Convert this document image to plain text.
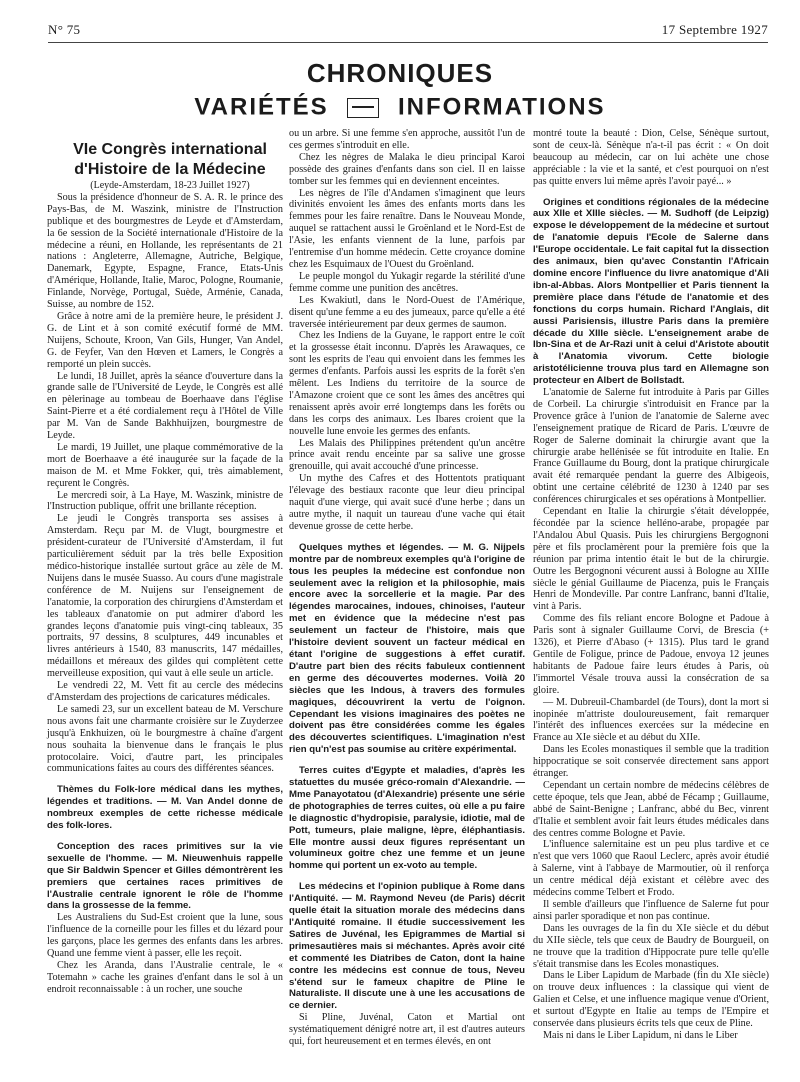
N° 75	17 Septembre 1927
CHRONIQUES
VARIÉTÉS	INFORMATIONS

VIe Congrès international

d'Histoire de la Médecine

(Leyde-Amsterdam, 18-23 Juillet 1927)

Sous la présidence d'honneur de S. A. R. le prince des Pays-Bas, de M. Waszink, ministre de l'Instruction publique et des bourgmestres de Leyde et d'Amsterdam, la 6e session de la Société internationale d'Histoire de la médecine a réuni, en Hollande, les représentants de 21 nations : Angleterre, Allemagne, Autriche, Belgique, Danemark, Egypte, Espagne, France, Etats-Unis d'Amérique, Hollande, Italie, Maroc, Pologne, Roumanie, Finlande, Norvège, Portugal, Suède, Arménie, Canada, Suisse, au nombre de 152.

Grâce à notre ami de la première heure, le président J. G. de Lint et à son comité exécutif formé de MM. Nuijens, Schoute, Kroon, Van Gils, Hunger, Van Andel, G. de Feyfer, Van den Hœven et Lamers, le Congrès a remporté un plein succès.

Le lundi, 18 Juillet, après la séance d'ouverture dans la grande salle de l'Université de Leyde, le Congrès est allé en pèlerinage au tombeau de Boerhaave dans l'église Saint-Pierre et a été cordialement reçu à l'Hôtel de Ville par M. Van de Sande Bakhhuijzen, bourgmestre de Leyde.

Le mardi, 19 Juillet, une plaque commémorative de la mort de Boerhaave a été inaugurée sur la façade de la maison de M. et Mme Fokker, qui, très aimablement, reçurent le Congrès.

Le mercredi soir, à La Haye, M. Waszink, ministre de l'Instruction publique, offrit une brillante réception.

Le jeudi le Congrès transporta ses assises à Amsterdam. Reçu par M. de Vlugt, bourgmestre et président-curateur de l'Université d'Amsterdam, il fut particulièrement séduit par la très belle Exposition médico-historique installée surtout grâce au zèle de M. Nuijens dans le musée Suasso. Au cours d'une magistrale conférence de M. Nuijens sur l'enseignement de l'anatomie, la corporation des chirurgiens d'Amsterdam et les tableaux d'anatomie on put admirer d'abord les grandes leçons d'anatomie puis vingt-cinq tableaux, 35 portraits, 97 dessins, 8 sculptures, 449 incunables et livres antérieurs à 1540, 83 manuscrits, 147 médailles, médaillons et méreaux des gildes qui complètent cette merveilleuse exposition, qui vaut à elle seule un article.

Le vendredi 22, M. Vett fit au cercle des médecins d'Amsterdam des projections de caricatures médicales.

Le samedi 23, sur un excellent bateau de M. Verschure nous avons fait une charmante croisière sur le Zuyderzee jusqu'à Enkhuizen, où le bourgmestre à chaîne d'argent nous souhaita la bienvenue dans le français le plus protocolaire. Voici, d'autre part, les principales communications faites au cours des différentes séances.

Thèmes du Folk-lore médical dans les mythes, légendes et traditions. — M. Van Andel donne de nombreux exemples de cette richesse médicale des folk-lores.

Conception des races primitives sur la vie sexuelle de l'homme. — M. Nieuwenhuis rappelle que Sir Baldwin Spencer et Gilles démontrèrent les premiers que certaines races primitives de l'Australie centrale ignorent le rôle de l'homme dans la grossesse de la femme.

Les Australiens du Sud-Est croient que la lune, sous l'influence de la corneille pour les filles et du lézard pour les garçons, place les germes des enfants dans les arbres. Quand une femme vient à passer, elle les reçoit.

Chez les Aranda, dans l'Australie centrale, le « Totemahn » cache les graines d'enfant dans le sol à un endroit reconnaissable : à un rocher, une souche

ou un arbre. Si une femme s'en approche, aussitôt l'un de ces germes s'introduit en elle.

Chez les nègres de Malaka le dieu principal Karoi possède des graines d'enfants dans son ciel. Il en laisse tomber sur les femmes qui en deviennent enceintes.

Les nègres de l'île d'Andamen s'imaginent que leurs divinités envoient les âmes des enfants morts dans les femmes pour les faire renaître. Dans le Nouveau Monde, auquel se rattachent aussi le Groënland et le Nord-Est de l'Asie, les enfants viennent de la lune, parfois par l'entremise d'un homme médecin. Cette croyance domine chez les Esquimaux de l'Ouest du Groënland.

Le peuple mongol du Yukagir regarde la stérilité d'une femme comme une punition des ancêtres.

Les Kwakiutl, dans le Nord-Ouest de l'Amérique, disent qu'une femme a eu des jumeaux, parce qu'elle a été traversée intérieurement par deux germes de saumon.

Chez les Indiens de la Guyane, le rapport entre le coït et la grossesse était inconnu. D'après les Arawaques, ce sont les esprits de l'eau qui envoient dans les femmes les germes d'enfants. Parfois aussi les esprits de la forêt s'en mêlent. Les Indiens du territoire de la source de l'Amazone croient que ce sont les âmes des ancêtres qui renaissent après avoir erré longtemps dans les forêts ou dans les corps des animaux. Les Ibares croient que la nouvelle lune envoie les germes des enfants.

Les Malais des Philippines prétendent qu'un ancêtre prince avait rendu enceinte par sa salive une grosse grenouille, qui avait accouché d'une princesse.

Un mythe des Cafres et des Hottentots pratiquant l'élevage des bestiaux raconte que leur dieu principal naquit d'une vierge, qui avait sucé d'une herbe ; dans un autre mythe, il naquit un taureau d'une vache qui était devenue grosse de cette herbe.

Quelques mythes et légendes. — M. G. Nijpels montre par de nombreux exemples qu'à l'origine de tous les peuples la médecine est confondue non seulement avec la religion et la philosophie, mais encore avec la sorcellerie et la magie. Par des légendes marocaines, indoues, chinoises, l'auteur met en évidence que la médecine n'est pas seulement un facteur de l'histoire, mais que l'histoire devient souvent un facteur médical en étant l'origine de suggestions à effet curatif. D'autre part bien des récits fabuleux contiennent en germe des découvertes modernes. Voilà 20 siècles que les Indous, à travers des formules magiques, découvrirent la vertu de l'oignon. Cependant les visions imaginaires des poètes ne doivent pas être considérées comme les égales des découvertes scientifiques. L'imagination n'est rien qu'n'est pas soumise au critère expérimental.

Terres cuites d'Egypte et maladies, d'après les statuettes du musée gréco-romain d'Alexandrie. — Mme Panayotatou (d'Alexandrie) présente une série de photographies de terres cuites, où elle a pu faire le diagnostic d'hydropisie, paralysie, idiotie, mal de Pott, tumeurs, plaie maligne, lèpre, éléphantiasis. Elle montre aussi deux figures représentant un volumineux goitre chez une femme et un jeune homme qui portent un ex-voto au temple.

Les médecins et l'opinion publique à Rome dans l'Antiquité. — M. Raymond Neveu (de Paris) décrit quelle était la situation morale des médecins dans l'Antiquité romaine. Il étudie successivement les Satires de Juvénal, les Epigrammes de Martial si primesautières mais si méchantes. Après avoir cité et commenté les Diatribes de Caton, dont la haine contre les médecins est connue de tous, Neveu s'étend sur le fameux chapitre de Pline le Naturaliste. Il discute une à une les accusations de ce dernier.

Si Pline, Juvénal, Caton et Martial ont systématiquement dénigré notre art, il est d'autres auteurs qui, fort heureusement et en termes élevés, en ont

montré toute la beauté : Dion, Celse, Sénèque surtout, sont de ceux-là. Sénèque n'a-t-il pas écrit : « On doit beaucoup au médecin, car on lui achète une chose appréciable : la vie et la santé, et c'est pourquoi on n'est pas quitte envers lui même après l'avoir payé... »

Origines et conditions régionales de la médecine aux XIIe et XIIIe siècles. — M. Sudhoff (de Leipzig) expose le développement de la médecine et surtout de l'anatomie depuis l'Ecole de Salerne dans l'Europe occidentale. Le fait capital fut la dissection des animaux, bien qu'avec Constantin l'Africain domine encore l'influence du livre anatomique d'Ali ibn-al-Abbas. Alors Montpellier et Paris tiennent la première place dans l'étude de l'anatomie et des fonctions du corps humain. Richard l'Anglais, dit aussi Parisiensis, illustre Paris dans la première décade du XIIIe siècle. L'enseignement arabe de Ibn-Sina et de Ar-Razi unit à celui d'Aristote aboutit à l'Anatomia vivorum. Cette biologie aristotélicienne trouva plus tard en Allemagne son protecteur en Albert de Bollstadt.

L'anatomie de Salerne fut introduite à Paris par Gilles de Corbeil. La chirurgie s'introduisit en France par la Provence grâce à l'union de l'anatomie de Salerne avec l'enseignement pratique de Ricard de Paris. L'œuvre de Roger de Salerne dominait la chirurgie avant que la chirurgie arabe hellénisée se fût introduite en Italie. En France Guillaume du Bourg, dont la pratique chirurgicale avait été remarquée pendant la guerre des Albigeois, obtint une certaine célébrité de 1230 à 1240 par ses conférences chirurgicales et ses opérations à Montpellier.

Cependant en Italie la chirurgie s'était développée, fécondée par la science helléno-arabe, propagée par l'Andalou Abul Quasis. Puis les chirurgiens Bergognoni père et fils proclamèrent pour la première fois que la réunion par prima intentio était le but de la chirurgie. Outre les Bergognoni vécurent aussi à Bologne au XIIIe siècle le génial Guillaume de Piacenza, puis le Français Henri de Mondeville. Par contre Lanfranc, banni d'Italie, vint à Paris.

Comme des fils reliant encore Bologne et Padoue à Paris sont à signaler Guillaume Corvi, de Brescia (+ 1326), et Pierre d'Abaso (+ 1315). Plus tard le grand Gentile de Foligue, prince de Padoue, envoya 12 jeunes habitants de Padoue faire leurs études à Paris, où l'immortel Vésale trouva aussi la consécration de sa gloire.

— M. Dubreuil-Chambardel (de Tours), dont la mort si inopinée m'attriste douloureusement, fait remarquer l'intérêt des influences exercées sur la médecine en France au XIe siècle et au début du XIIe.

Dans les Ecoles monastiques il semble que la tradition hippocratique se soit conservée directement sans apport étranger.

Cependant un certain nombre de médecins célèbres de cette époque, tels que Jean, abbé de Fécamp ; Guillaume, abbé de Saint-Benigne ; Lanfranc, abbé du Bec, vinrent d'Italie et semblent avoir fait leurs études médicales dans des centres comme Bologne et Pavie.

L'influence salernitaine est un peu plus tardive et ce n'est que vers 1060 que Raoul Leclerc, après avoir étudié à Salerne, vint à l'abbaye de Marmoutier, où il renforça un centre médical déjà existant et célèbre avec des médecins comme Telbert et Frodo.

Il semble d'ailleurs que l'influence de Salerne fut pour ainsi parler sporadique et non pas continue.

Dans les ouvrages de la fin du XIe siècle et du début du XIIe siècle, tels que ceux de Baudry de Bourgueil, on ne trouve que la tradition d'Hippocrate pure telle qu'elle s'était transmise dans les Ecoles monastiques.

Dans le Liber Lapidum de Marbade (fin du XIe siècle) on trouve deux influences : la classique qui vient de Galien et Celse, et une influence magique venue d'Orient, et surtout d'Egypte en Italie au temps de l'Empire et conservée dans plusieurs écrits tels que ceux de Pline.

Mais ni dans le Liber Lapidum, ni dans le Liber
